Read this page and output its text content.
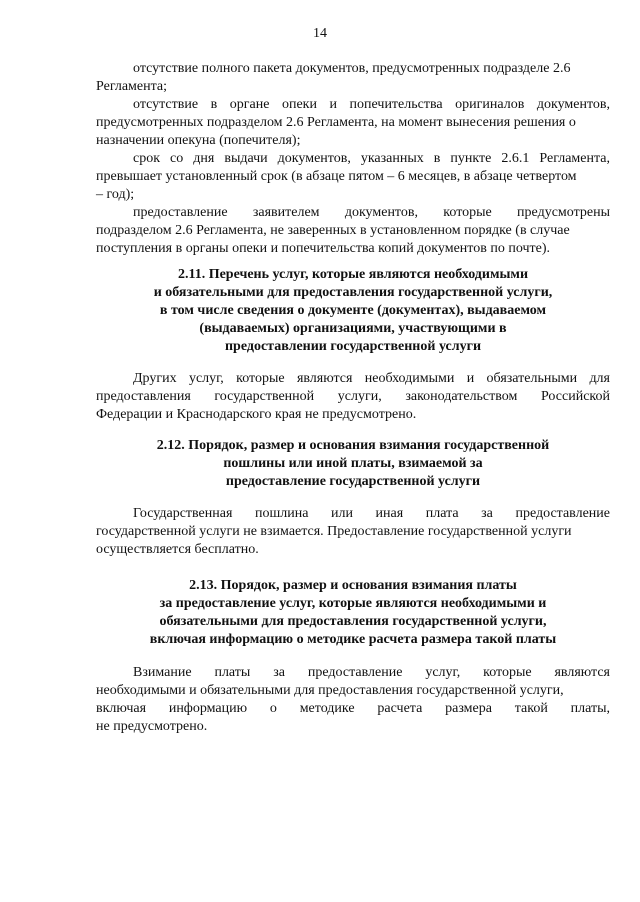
14
отсутствие полного пакета документов, предусмотренных подразделе 2.6
Регламента;
отсутствие в органе опеки и попечительства оригиналов документов,
предусмотренных подразделом 2.6 Регламента, на момент вынесения решения о
назначении опекуна (попечителя);
срок со дня выдачи документов, указанных в пункте 2.6.1 Регламента,
превышает установленный срок (в абзаце пятом – 6 месяцев, в абзаце четвертом
– год);
предоставление заявителем документов, которые предусмотрены
подразделом 2.6 Регламента, не заверенных в установленном порядке (в случае
поступления в органы опеки и попечительства копий документов по почте).
2.11. Перечень услуг, которые являются необходимыми
и обязательными для предоставления государственной услуги,
в том числе сведения о документе (документах), выдаваемом
(выдаваемых) организациями, участвующими в
предоставлении государственной услуги
Других услуг, которые являются необходимыми и обязательными для
предоставления государственной услуги, законодательством Российской
Федерации и Краснодарского края не предусмотрено.
2.12. Порядок, размер и основания взимания государственной
пошлины или иной платы, взимаемой за
предоставление государственной услуги
Государственная пошлина или иная плата за предоставление
государственной услуги не взимается. Предоставление государственной услуги
осуществляется бесплатно.
2.13. Порядок, размер и основания взимания платы
за предоставление услуг, которые являются необходимыми и
обязательными для предоставления государственной услуги,
включая информацию о методике расчета размера такой платы
Взимание платы за предоставление услуг, которые являются
необходимыми и обязательными для предоставления государственной услуги,
включая информацию о методике расчета размера такой платы,
не предусмотрено.
